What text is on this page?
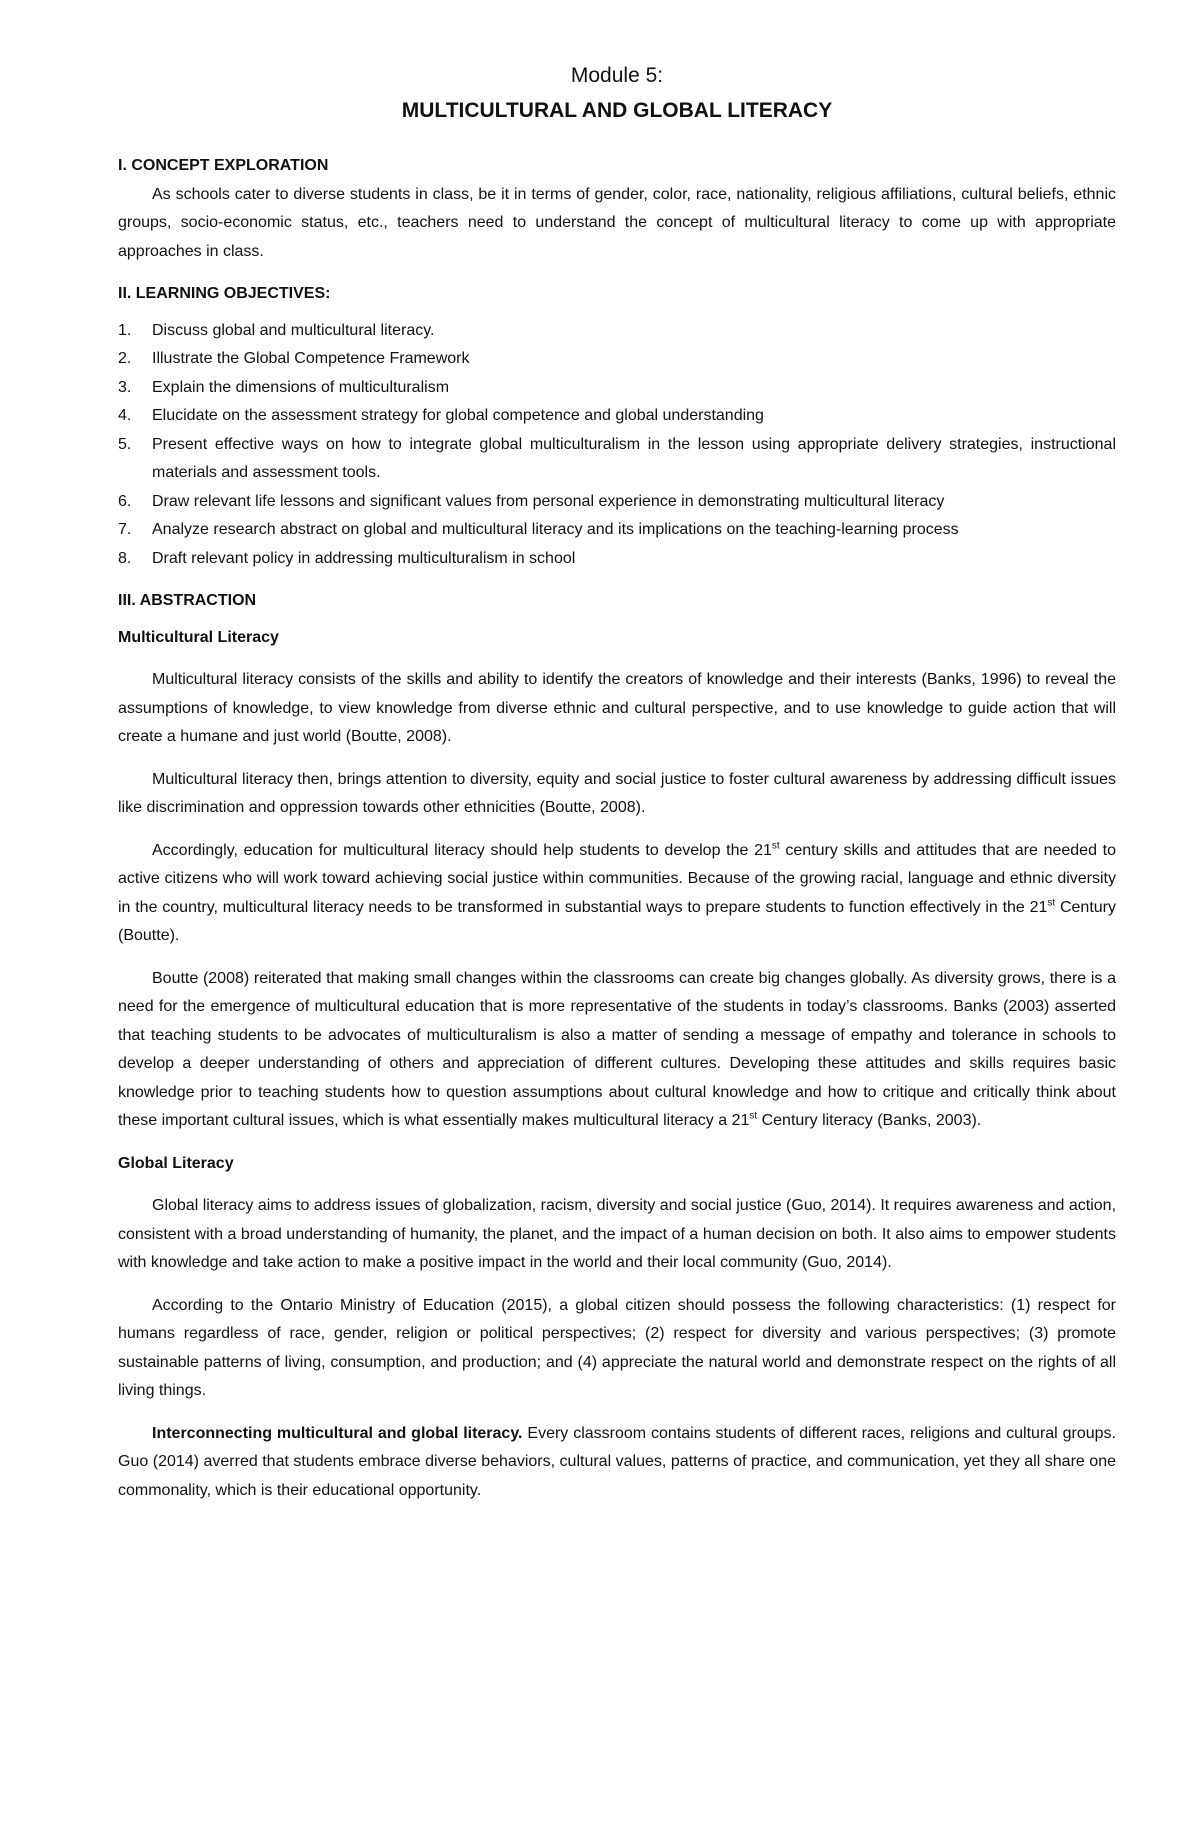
Module 5:
MULTICULTURAL AND GLOBAL LITERACY
I. CONCEPT EXPLORATION

As schools cater to diverse students in class, be it in terms of gender, color, race, nationality, religious affiliations, cultural beliefs, ethnic groups, socio-economic status, etc., teachers need to understand the concept of multicultural literacy to come up with appropriate approaches in class.

II. LEARNING OBJECTIVES:
1.	Discuss global and multicultural literacy.
2.	Illustrate the Global Competence Framework
3.	Explain the dimensions of multiculturalism
4.	Elucidate on the assessment strategy for global competence and global understanding
5.	Present effective ways on how to integrate global multiculturalism in the lesson using appropriate delivery strategies, instructional materials and assessment tools.
6.	Draw relevant life lessons and significant values from personal experience in demonstrating multicultural literacy
7.	Analyze research abstract on global and multicultural literacy and its implications on the teaching-learning process
8.	Draft relevant policy in addressing multiculturalism in school
III. ABSTRACTION
Multicultural Literacy

Multicultural literacy consists of the skills and ability to identify the creators of knowledge and their interests (Banks, 1996) to reveal the assumptions of knowledge, to view knowledge from diverse ethnic and cultural perspective, and to use knowledge to guide action that will create a humane and just world (Boutte, 2008).

Multicultural literacy then, brings attention to diversity, equity and social justice to foster cultural awareness by addressing difficult issues like discrimination and oppression towards other ethnicities (Boutte, 2008).

Accordingly, education for multicultural literacy should help students to develop the 21st century skills and attitudes that are needed to active citizens who will work toward achieving social justice within communities. Because of the growing racial, language and ethnic diversity in the country, multicultural literacy needs to be transformed in substantial ways to prepare students to function effectively in the 21st Century (Boutte).

Boutte (2008) reiterated that making small changes within the classrooms can create big changes globally. As diversity grows, there is a need for the emergence of multicultural education that is more representative of the students in today’s classrooms. Banks (2003) asserted that teaching students to be advocates of multiculturalism is also a matter of sending a message of empathy and tolerance in schools to develop a deeper understanding of others and appreciation of different cultures. Developing these attitudes and skills requires basic knowledge prior to teaching students how to question assumptions about cultural knowledge and how to critique and critically think about these important cultural issues, which is what essentially makes multicultural literacy a 21st Century literacy (Banks, 2003).

Global Literacy

Global literacy aims to address issues of globalization, racism, diversity and social justice (Guo, 2014). It requires awareness and action, consistent with a broad understanding of humanity, the planet, and the impact of a human decision on both. It also aims to empower students with knowledge and take action to make a positive impact in the world and their local community (Guo, 2014).

According to the Ontario Ministry of Education (2015), a global citizen should possess the following characteristics: (1) respect for humans regardless of race, gender, religion or political perspectives; (2) respect for diversity and various perspectives; (3) promote sustainable patterns of living, consumption, and production; and (4) appreciate the natural world and demonstrate respect on the rights of all living things.

Interconnecting multicultural and global literacy. Every classroom contains students of different races, religions and cultural groups. Guo (2014) averred that students embrace diverse behaviors, cultural values, patterns of practice, and communication, yet they all share one commonality, which is their educational opportunity.
